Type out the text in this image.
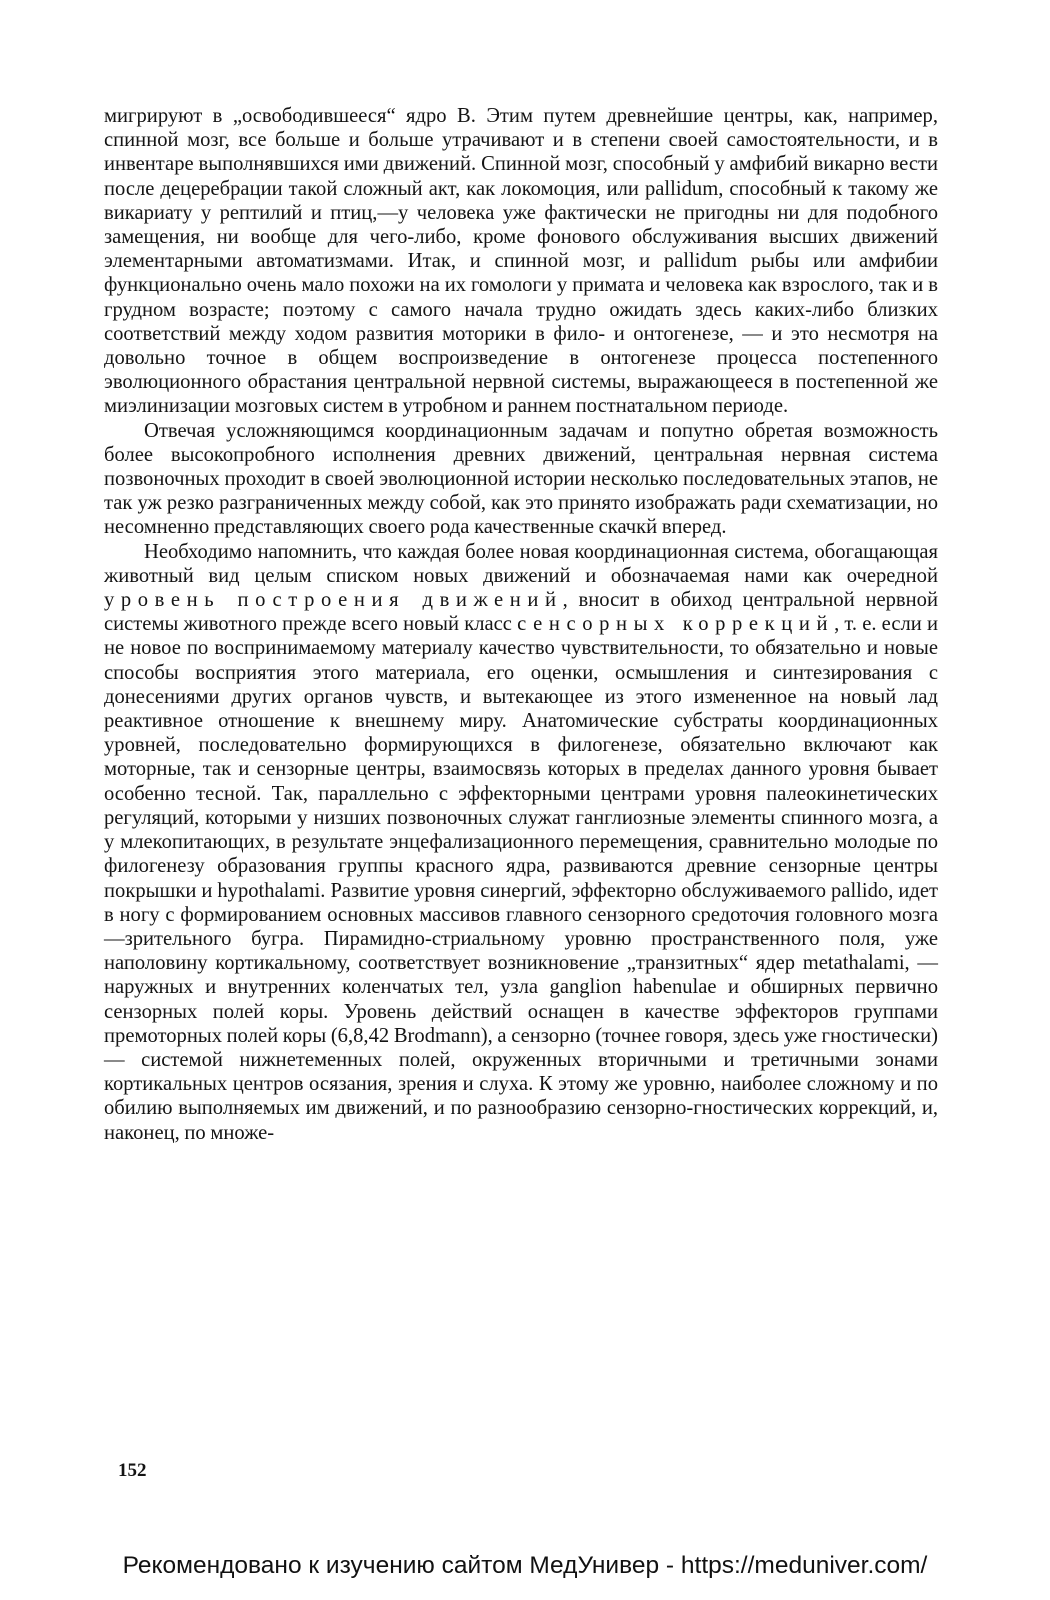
мигрируют в „освободившееся“ ядро В. Этим путем древнейшие центры, как, например, спинной мозг, все больше и больше утрачивают и в степени своей самостоятельности, и в инвентаре выполнявшихся ими движений. Спинной мозг, способный у амфибий викарно вести после децеребрации такой сложный акт, как локомоция, или pallidum, способный к такому же викариату у рептилий и птиц,—у человека уже фактически не пригодны ни для подобного замещения, ни вообще для чего-либо, кроме фонового обслуживания высших движений элементарными автоматизмами. Итак, и спинной мозг, и pallidum рыбы или амфибии функционально очень мало похожи на их гомологи у примата и человека как взрослого, так и в грудном возрасте; поэтому с самого начала трудно ожидать здесь каких-либо близких соответствий между ходом развития моторики в фило- и онтогенезе, — и это несмотря на довольно точное в общем воспроизведение в онтогенезе процесса постепенного эволюционного обрастания центральной нервной системы, выражающееся в постепенной же миэлинизации мозговых систем в утробном и раннем постнатальном периоде.

Отвечая усложняющимся координационным задачам и попутно обретая возможность более высокопробного исполнения древних движений, центральная нервная система позвоночных проходит в своей эволюционной истории несколько последовательных этапов, не так уж резко разграниченных между собой, как это принято изображать ради схематизации, но несомненно представляющих своего рода качественные скачкй вперед.

Необходимо напомнить, что каждая более новая координационная система, обогащающая животный вид целым списком новых движений и обозначаемая нами как очередной уровень построения движений, вносит в обиход центральной нервной системы животного прежде всего новый класс сенсорных коррекций, т. е. если и не новое по воспринимаемому материалу качество чувствительности, то обязательно и новые способы восприятия этого материала, его оценки, осмышления и синтезирования с донесениями других органов чувств, и вытекающее из этого измененное на новый лад реактивное отношение к внешнему миру. Анатомические субстраты координационных уровней, последовательно формирующихся в филогенезе, обязательно включают как моторные, так и сензорные центры, взаимосвязь которых в пределах данного уровня бывает особенно тесной. Так, параллельно с эффекторными центрами уровня палеокинетических регуляций, которыми у низших позвоночных служат ганглиозные элементы спинного мозга, а у млекопитающих, в результате энцефализационного перемещения, сравнительно молодые по филогенезу образования группы красного ядра, развиваются древние сензорные центры покрышки и hypothalami. Развитие уровня синергий, эффекторно обслуживаемого pallido, идет в ногу с формированием основных массивов главного сензорного средоточия головного мозга—зрительного бугра. Пирамидно-стриальному уровню пространственного поля, уже наполовину кортикальному, соответствует возникновение „транзитных“ ядер metathalami, — наружных и внутренних коленчатых тел, узла ganglion habenulae и обширных первично сензорных полей коры. Уровень действий оснащен в качестве эффекторов группами премоторных полей коры (6,8,42 Brodmann), а сензорно (точнее говоря, здесь уже гностически) — системой нижнетеменных полей, окруженных вторичными и третичными зонами кортикальных центров осязания, зрения и слуха. К этому же уровню, наиболее сложному и по обилию выполняемых им движений, и по разнообразию сензорно-гностических коррекций, и, наконец, по множе-

152
Рекомендовано к изучению сайтом МедУнивер - https://meduniver.com/
